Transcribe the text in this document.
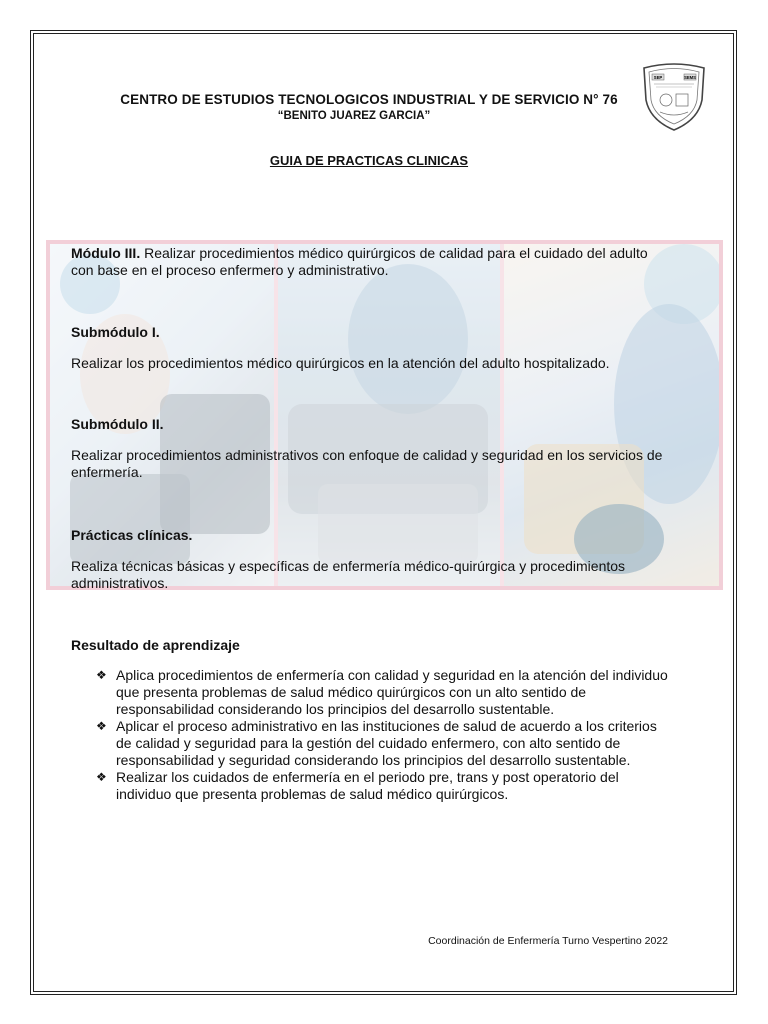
CENTRO DE ESTUDIOS TECNOLOGICOS INDUSTRIAL Y DE SERVICIO N° 76
“BENITO JUAREZ GARCIA”
SEP	SEMS
GUIA DE PRACTICAS CLINICAS
Módulo III. Realizar procedimientos médico quirúrgicos de calidad para el cuidado del adulto con base en el proceso enfermero y administrativo.
Submódulo I.
Realizar los procedimientos médico quirúrgicos en la atención del adulto hospitalizado.
Submódulo II.
Realizar procedimientos administrativos con enfoque de calidad y seguridad en los servicios de enfermería.
Prácticas clínicas.
Realiza técnicas básicas y específicas de enfermería médico-quirúrgica y procedimientos administrativos.
Resultado de aprendizaje
❖ Aplica procedimientos de enfermería con calidad y seguridad en la atención del individuo que presenta problemas de salud médico quirúrgicos con un alto sentido de responsabilidad considerando los principios del desarrollo sustentable.
❖ Aplicar el proceso administrativo en las instituciones de salud de acuerdo a los criterios de calidad y seguridad para la gestión del cuidado enfermero, con alto sentido de responsabilidad y seguridad considerando los principios del desarrollo sustentable.
❖ Realizar los cuidados de enfermería en el periodo pre, trans y post operatorio del individuo que presenta problemas de salud médico quirúrgicos.
Coordinación de Enfermería Turno Vespertino 2022
